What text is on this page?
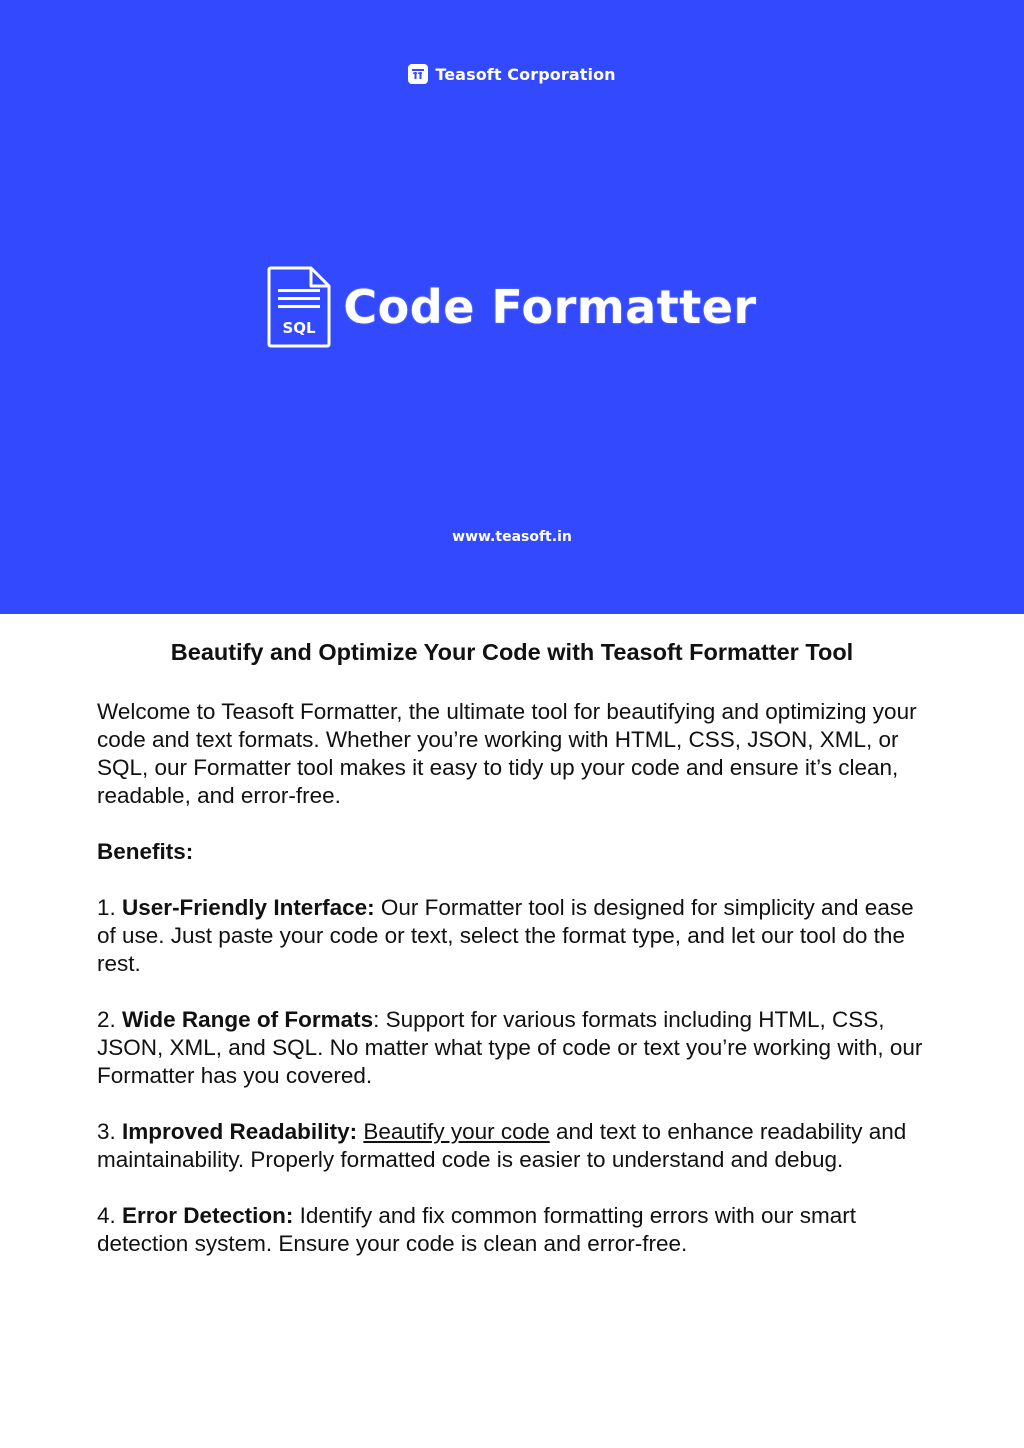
Teasoft Corporation
SQL Code Formatter
www.teasoft.in
Beautify and Optimize Your Code with Teasoft Formatter Tool

Welcome to Teasoft Formatter, the ultimate tool for beautifying and optimizing your code and text formats. Whether you’re working with HTML, CSS, JSON, XML, or SQL, our Formatter tool makes it easy to tidy up your code and ensure it’s clean, readable, and error-free.

Benefits:

1. User-Friendly Interface: Our Formatter tool is designed for simplicity and ease of use. Just paste your code or text, select the format type, and let our tool do the rest.

2. Wide Range of Formats: Support for various formats including HTML, CSS, JSON, XML, and SQL. No matter what type of code or text you’re working with, our Formatter has you covered.

3. Improved Readability: Beautify your code and text to enhance readability and maintainability. Properly formatted code is easier to understand and debug.

4. Error Detection: Identify and fix common formatting errors with our smart detection system. Ensure your code is clean and error-free.
